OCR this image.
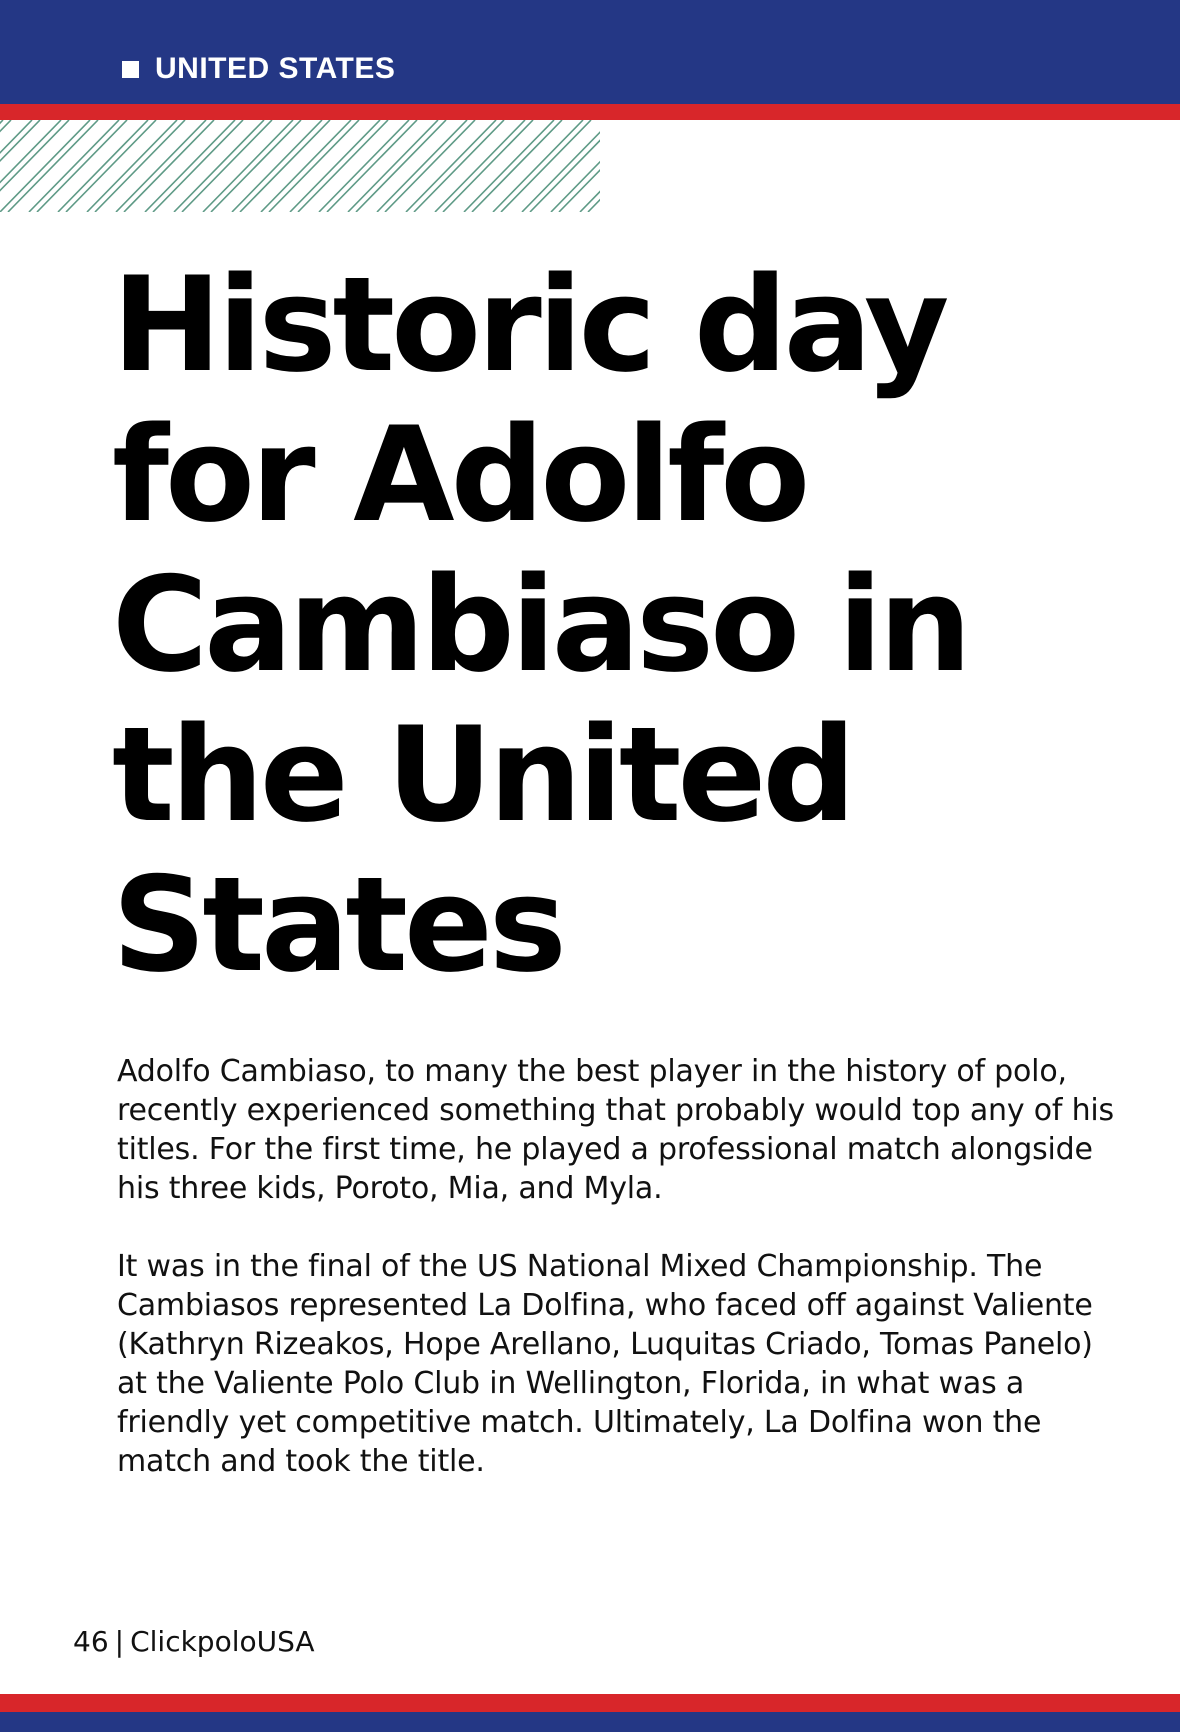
UNITED STATES
Historic day
for Adolfo
Cambiaso in
the United
States

Adolfo Cambiaso, to many the best player in the history of polo, recently experienced something that probably would top any of his titles. For the first time, he played a professional match alongside his three kids, Poroto, Mia, and Myla.

It was in the final of the US National Mixed Championship. The Cambiasos represented La Dolfina, who faced off against Valiente (Kathryn Rizeakos, Hope Arellano, Luquitas Criado, Tomas Panelo) at the Valiente Polo Club in Wellington, Florida, in what was a friendly yet competitive match. Ultimately, La Dolfina won the match and took the title.

46 | ClickpoloUSA
